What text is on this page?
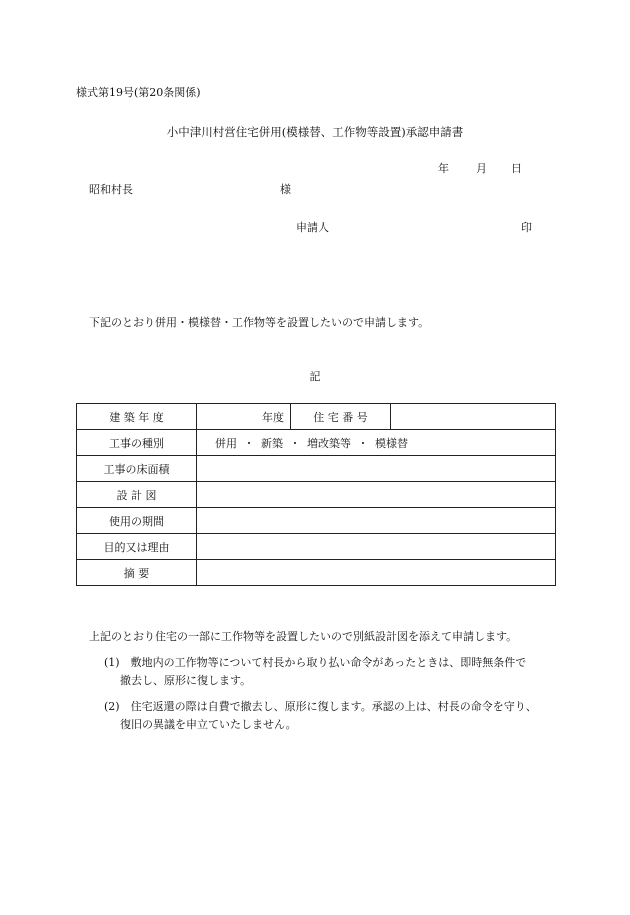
様式第19号(第20条関係)
小中津川村営住宅併用(模様替、工作物等設置)承認申請書
年 月 日
昭和村長	様
申請人	印
下記のとおり併用・模様替・工作物等を設置したいので申請します。
記
建 築 年 度	年度	住 宅 番 号	
工事の種別	併用 ・ 新築 ・ 増改築等 ・ 模様替		
工事の床面積			
設 計 図			
使用の期間			
目的又は理由			
摘 要			
上記のとおり住宅の一部に工作物等を設置したいので別紙設計図を添えて申請します。
(1)　 敷地内の工作物等について村長から取り払い命令があったときは、即時無条件で
撤去し、原形に復します。
(2)　 住宅返還の際は自費で撤去し、原形に復します。承認の上は、村長の命令を守り、
復旧の異議を申立ていたしません。
